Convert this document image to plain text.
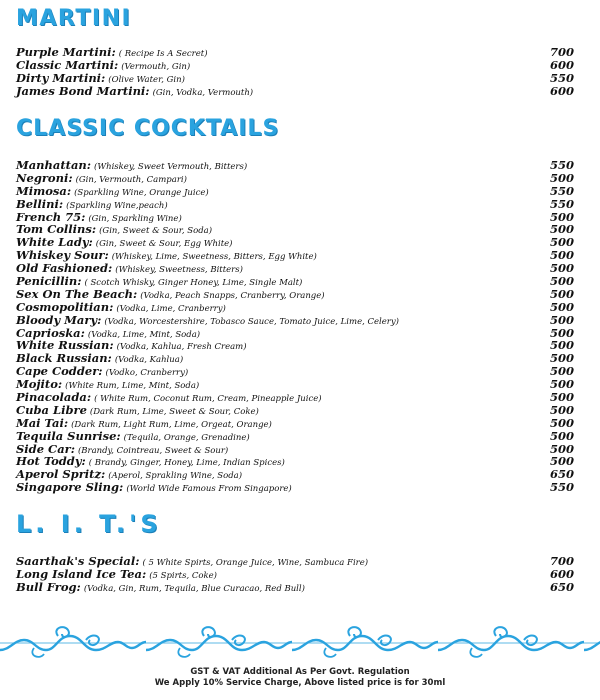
MARTINI
Purple Martini: ( Recipe Is A Secret)	700
Classic Martini: (Vermouth, Gin)	600
Dirty Martini: (Olive Water, Gin)	550
James Bond Martini: (Gin, Vodka, Vermouth)	600
CLASSIC COCKTAILS
Manhattan: (Whiskey, Sweet Vermouth, Bitters)	550
Negroni: (Gin, Vermouth, Campari)	500
Mimosa: (Sparkling Wine, Orange Juice)	550
Bellini: (Sparkling Wine,peach)	550
French 75: (Gin, Sparkling Wine)	500
Tom Collins: (Gin, Sweet & Sour, Soda)	500
White Lady: (Gin, Sweet & Sour, Egg White)	500
Whiskey Sour: (Whiskey, Lime, Sweetness, Bitters, Egg White)	500
Old Fashioned: (Whiskey, Sweetness, Bitters)	500
Penicillin: ( Scotch Whisky, Ginger Honey, Lime, Single Malt)	500
Sex On The Beach: (Vodka, Peach Snapps, Cranberry, Orange)	500
Cosmopolitian: (Vodka, Lime, Cranberry)	500
Bloody Mary: (Vodka, Worcestershire, Tobasco Sauce, Tomato Juice, Lime, Celery)	500
Caprioska: (Vodka, Lime, Mint, Soda)	500
White Russian: (Vodka, Kahlua, Fresh Cream)	500
Black Russian: (Vodka, Kahlua)	500
Cape Codder: (Vodko, Cranberry)	500
Mojito: (White Rum, Lime, Mint, Soda)	500
Pinacolada: ( White Rum, Coconut Rum, Cream, Pineapple Juice)	500
Cuba Libre (Dark Rum, Lime, Sweet & Sour, Coke)	500
Mai Tai: (Dark Rum, Light Rum, Lime, Orgeat, Orange)	500
Tequila Sunrise: (Tequila, Orange, Grenadine)	500
Side Car: (Brandy, Cointreau, Sweet & Sour)	500
Hot Toddy: ( Brandy, Ginger, Honey, Lime, Indian Spices)	500
Aperol Spritz: (Aperol, Sprakling Wine, Soda)	650
Singapore Sling: (World Wide Famous From Singapore)	550
L. I. T.'S
Saarthak's Special: ( 5 White Spirts, Orange Juice, Wine, Sambuca Fire)	700
Long Island Ice Tea: (5 Spirts, Coke)	600
Bull Frog: (Vodka, Gin, Rum, Tequila, Blue Curacao, Red Bull)	650

GST & VAT Additional As Per Govt. Regulation

We Apply 10% Service Charge, Above listed price is for 30ml
